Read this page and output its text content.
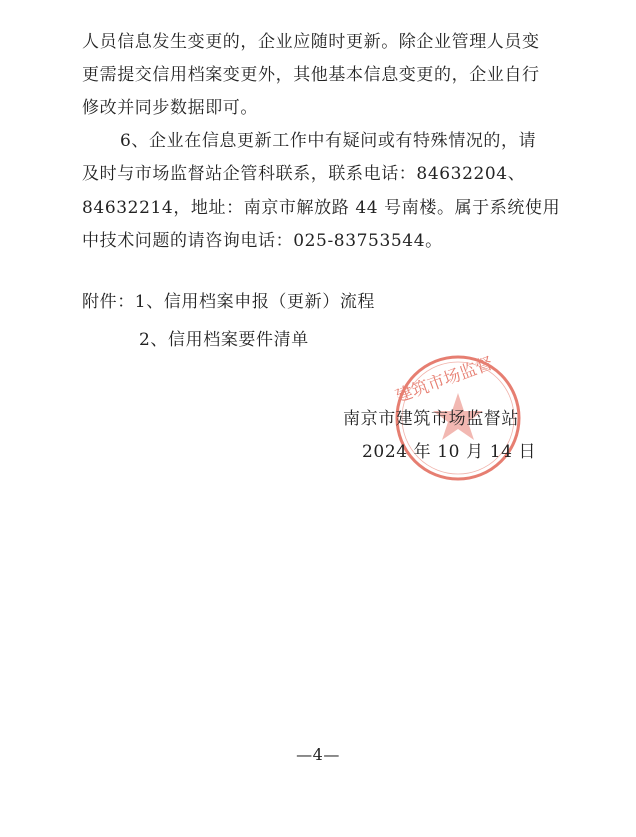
人员信息发生变更的，企业应随时更新。除企业管理人员变
更需提交信用档案变更外，其他基本信息变更的，企业自行
修改并同步数据即可。
6、企业在信息更新工作中有疑问或有特殊情况的，请
及时与市场监督站企管科联系，联系电话：84632204、
84632214，地址：南京市解放路 44 号南楼。属于系统使用
中技术问题的请咨询电话：025-83753544。
附件：1、信用档案申报（更新）流程
2、信用档案要件清单
建筑市场监督
南京市建筑市场监督站
2024 年 10 月 14 日
—4—
